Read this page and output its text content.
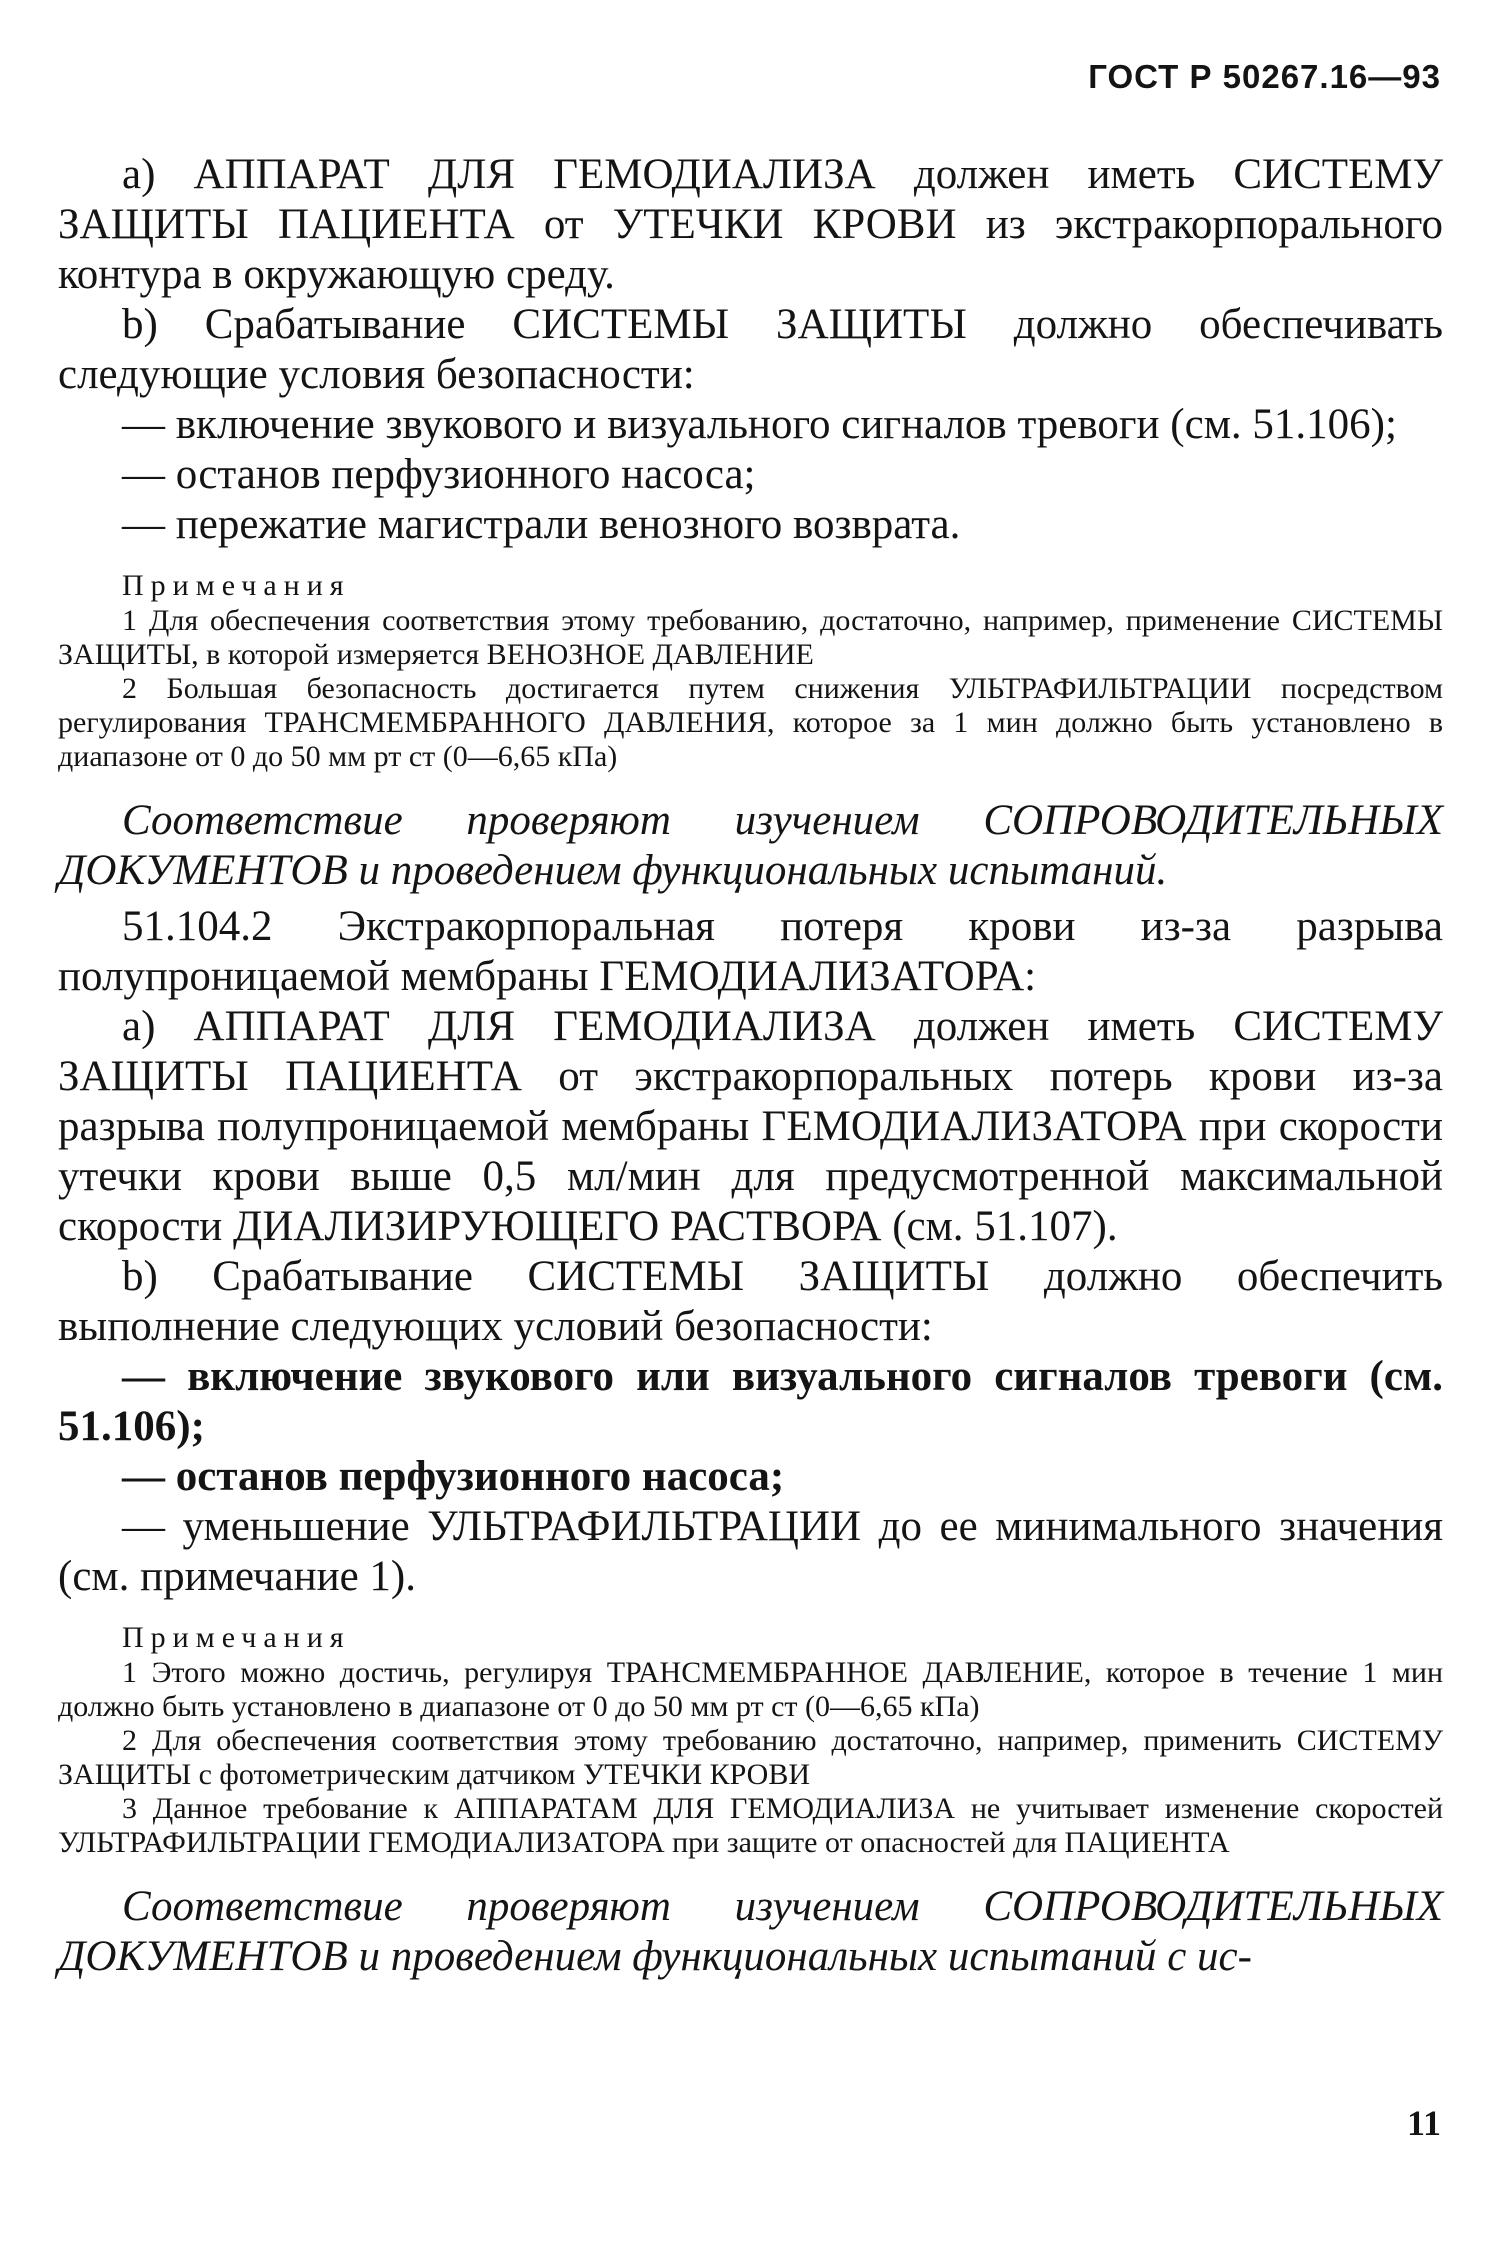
ГОСТ Р 50267.16—93

а) АППАРАТ ДЛЯ ГЕМОДИАЛИЗА должен иметь СИСТЕМУ ЗАЩИТЫ ПАЦИЕНТА от УТЕЧКИ КРОВИ из экстракорпорального контура в окружающую среду.

b) Срабатывание СИСТЕМЫ ЗАЩИТЫ должно обеспечивать следующие условия безопасности:

— включение звукового и визуального сигналов тревоги (см. 51.106);

— останов перфузионного насоса;

— пережатие магистрали венозного возврата.

Примечания

1 Для обеспечения соответствия этому требованию, достаточно, например, применение СИСТЕМЫ ЗАЩИТЫ, в которой измеряется ВЕНОЗНОЕ ДАВЛЕНИЕ

2 Большая безопасность достигается путем снижения УЛЬТРАФИЛЬТРАЦИИ посредством регулирования ТРАНСМЕМБРАННОГО ДАВЛЕНИЯ, которое за 1 мин должно быть установлено в диапазоне от 0 до 50 мм рт ст (0—6,65 кПа)

Соответствие проверяют изучением СОПРОВОДИТЕЛЬНЫХ ДОКУМЕНТОВ и проведением функциональных испытаний.

51.104.2 Экстракорпоральная потеря крови из-за разрыва полупроницаемой мембраны ГЕМОДИАЛИЗАТОРА:

а) АППАРАТ ДЛЯ ГЕМОДИАЛИЗА должен иметь СИСТЕМУ ЗАЩИТЫ ПАЦИЕНТА от экстракорпоральных потерь крови из-за разрыва полупроницаемой мембраны ГЕМОДИАЛИЗАТОРА при скорости утечки крови выше 0,5 мл/мин для предусмотренной максимальной скорости ДИАЛИЗИРУЮЩЕГО РАСТВОРА (см. 51.107).

b) Срабатывание СИСТЕМЫ ЗАЩИТЫ должно обеспечить выполнение следующих условий безопасности:

— включение звукового или визуального сигналов тревоги (см. 51.106);

— останов перфузионного насоса;

— уменьшение УЛЬТРАФИЛЬТРАЦИИ до ее минимального значения (см. примечание 1).

Примечания

1 Этого можно достичь, регулируя ТРАНСМЕМБРАННОЕ ДАВЛЕНИЕ, которое в течение 1 мин должно быть установлено в диапазоне от 0 до 50 мм рт ст (0—6,65 кПа)

2 Для обеспечения соответствия этому требованию достаточно, например, применить СИСТЕМУ ЗАЩИТЫ с фотометрическим датчиком УТЕЧКИ КРОВИ

3 Данное требование к АППАРАТАМ ДЛЯ ГЕМОДИАЛИЗА не учитывает изменение скоростей УЛЬТРАФИЛЬТРАЦИИ ГЕМОДИАЛИЗАТОРА при защите от опасностей для ПАЦИЕНТА

Соответствие проверяют изучением СОПРОВОДИТЕЛЬНЫХ ДОКУМЕНТОВ и проведением функциональных испытаний с ис-

11
